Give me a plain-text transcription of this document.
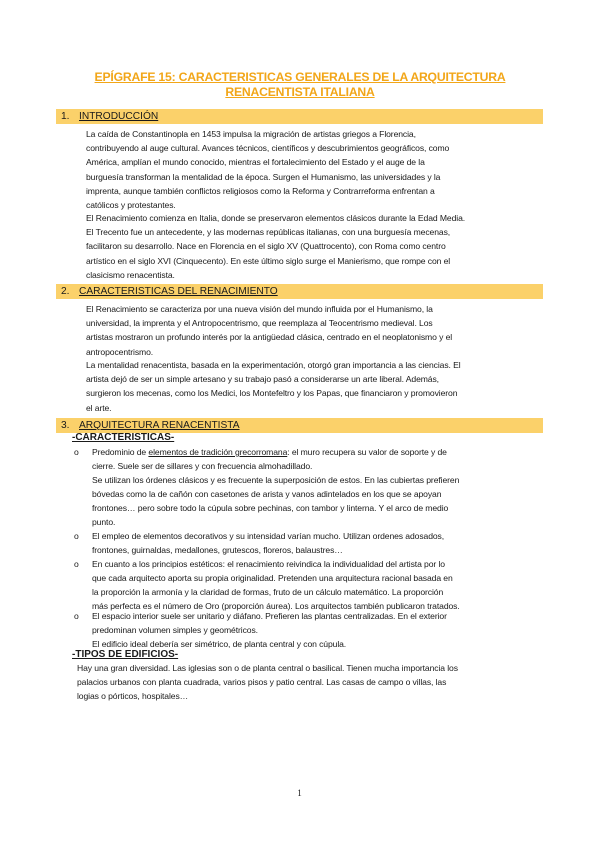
EPÍGRAFE 15: CARACTERISTICAS GENERALES DE LA ARQUITECTURA
RENACENTISTA ITALIANA
1. INTRODUCCIÓN
La caída de Constantinopla en 1453 impulsa la migración de artistas griegos a Florencia,
contribuyendo al auge cultural. Avances técnicos, científicos y descubrimientos geográficos, como
América, amplían el mundo conocido, mientras el fortalecimiento del Estado y el auge de la
burguesía transforman la mentalidad de la época. Surgen el Humanismo, las universidades y la
imprenta, aunque también conflictos religiosos como la Reforma y Contrarreforma enfrentan a
católicos y protestantes.
El Renacimiento comienza en Italia, donde se preservaron elementos clásicos durante la Edad Media.
El Trecento fue un antecedente, y las modernas repúblicas italianas, con una burguesía mecenas,
facilitaron su desarrollo. Nace en Florencia en el siglo XV (Quattrocento), con Roma como centro
artístico en el siglo XVI (Cinquecento). En este último siglo surge el Manierismo, que rompe con el
clasicismo renacentista.
2. CARACTERISTICAS DEL RENACIMIENTO
El Renacimiento se caracteriza por una nueva visión del mundo influida por el Humanismo, la
universidad, la imprenta y el Antropocentrismo, que reemplaza al Teocentrismo medieval. Los
artistas mostraron un profundo interés por la antigüedad clásica, centrado en el neoplatonismo y el
antropocentrismo.
La mentalidad renacentista, basada en la experimentación, otorgó gran importancia a las ciencias. El
artista dejó de ser un simple artesano y su trabajo pasó a considerarse un arte liberal. Además,
surgieron los mecenas, como los Medici, los Montefeltro y los Papas, que financiaron y promovieron
el arte.
3. ARQUITECTURA RENACENTISTA
-CARACTERISTICAS-
o	Predominio de elementos de tradición grecorromana: el muro recupera su valor de soporte y de
cierre. Suele ser de sillares y con frecuencia almohadillado.
Se utilizan los órdenes clásicos y es frecuente la superposición de estos. En las cubiertas prefieren
bóvedas como la de cañón con casetones de arista y vanos adintelados en los que se apoyan
frontones… pero sobre todo la cúpula sobre pechinas, con tambor y linterna. Y el arco de medio
punto.
o	El empleo de elementos decorativos y su intensidad varían mucho. Utilizan ordenes adosados,
frontones, guirnaldas, medallones, grutescos, floreros, balaustres…
o	En cuanto a los principios estéticos: el renacimiento reivindica la individualidad del artista por lo
que cada arquitecto aporta su propia originalidad. Pretenden una arquitectura racional basada en
la proporción la armonía y la claridad de formas, fruto de un cálculo matemático. La proporción
más perfecta es el número de Oro (proporción áurea). Los arquitectos también publicaron tratados.
o	El espacio interior suele ser unitario y diáfano. Prefieren las plantas centralizadas. En el exterior
predominan volumen simples y geométricos.
El edificio ideal debería ser simétrico, de planta central y con cúpula.
-TIPOS DE EDIFICIOS-
Hay una gran diversidad. Las iglesias son o de planta central o basilical. Tienen mucha importancia los
palacios urbanos con planta cuadrada, varios pisos y patio central. Las casas de campo o villas, las
logias o pórticos, hospitales…
1
